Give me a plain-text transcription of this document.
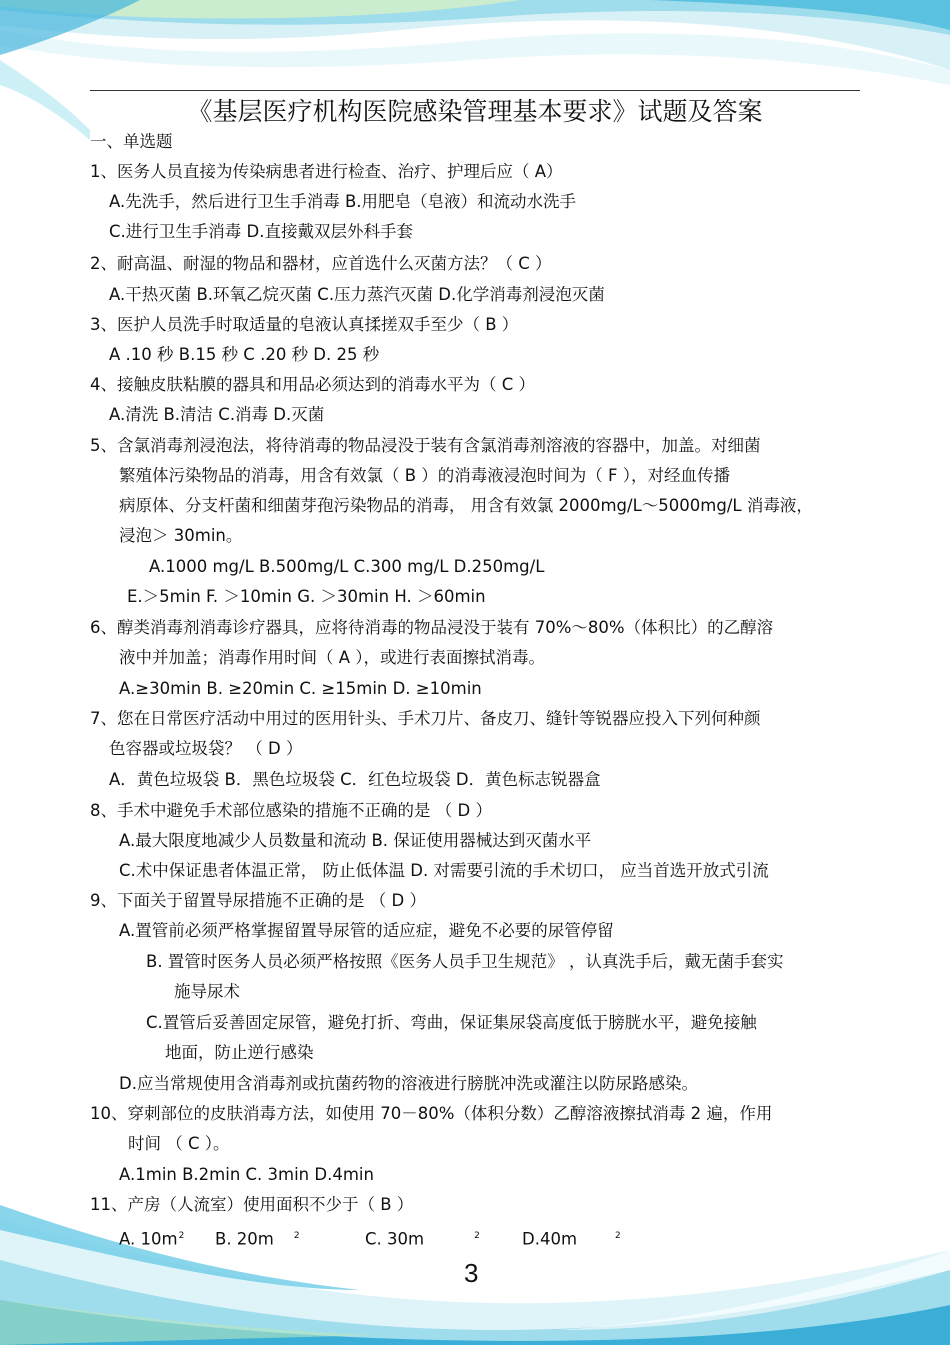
《基层医疗机构医院感染管理基本要求》试题及答案
一、单选题
1、医务人员直接为传染病患者进行检查、治疗、护理后应（ A）
A.先洗手，然后进行卫生手消毒 B.用肥皂（皂液）和流动水洗手
C.进行卫生手消毒 D.直接戴双层外科手套
2、耐高温、耐湿的物品和器材，应首选什么灭菌方法？（ C ）
A.干热灭菌 B.环氧乙烷灭菌 C.压力蒸汽灭菌 D.化学消毒剂浸泡灭菌
3、医护人员洗手时取适量的皂液认真揉搓双手至少（ B ）
A .10 秒 B.15 秒 C .20 秒 D. 25 秒
4、接触皮肤粘膜的器具和用品必须达到的消毒水平为（ C ）
A.清洗 B.清洁 C.消毒 D.灭菌
5、含氯消毒剂浸泡法，将待消毒的物品浸没于装有含氯消毒剂溶液的容器中，加盖。对细菌
繁殖体污染物品的消毒，用含有效氯（ B ）的消毒液浸泡时间为（ F ），对经血传播
病原体、分支杆菌和细菌芽孢污染物品的消毒， 用含有效氯 2000mg/L～5000mg/L 消毒液，
浸泡＞ 30min。
A.1000 mg/L B.500mg/L C.300 mg/L D.250mg/L
E.＞5min F. ＞10min G. ＞30min H. ＞60min
6、醇类消毒剂消毒诊疗器具，应将待消毒的物品浸没于装有 70%～80%（体积比）的乙醇溶
液中并加盖；消毒作用时间（ A ），或进行表面擦拭消毒。
A.≥30min B. ≥20min C. ≥15min D. ≥10min
7、您在日常医疗活动中用过的医用针头、手术刀片、备皮刀、缝针等锐器应投入下列何种颜
色容器或垃圾袋？ （ D ）
A．黄色垃圾袋 B．黑色垃圾袋 C．红色垃圾袋 D．黄色标志锐器盒
8、手术中避免手术部位感染的措施不正确的是 （ D ）
A.最大限度地减少人员数量和流动 B. 保证使用器械达到灭菌水平
C.术中保证患者体温正常， 防止低体温 D. 对需要引流的手术切口， 应当首选开放式引流
9、下面关于留置导尿措施不正确的是 （ D ）
A.置管前必须严格掌握留置导尿管的适应症，避免不必要的尿管停留
B. 置管时医务人员必须严格按照《医务人员手卫生规范》 ，认真洗手后，戴无菌手套实
施导尿术
C.置管后妥善固定尿管，避免打折、弯曲，保证集尿袋高度低于膀胱水平，避免接触
地面，防止逆行感染
D.应当常规使用含消毒剂或抗菌药物的溶液进行膀胱冲洗或灌注以防尿路感染。
10、穿刺部位的皮肤消毒方法，如使用 70－80%（体积分数）乙醇溶液擦拭消毒 2 遍，作用
时间 （ C ）。
A.1min B.2min C. 3min D.4min
11、产房（人流室）使用面积不少于（ B ）
A. $10m^2$ B. 20m $^2$	C. 30m	$^2$	D.40m	$^2$
3
